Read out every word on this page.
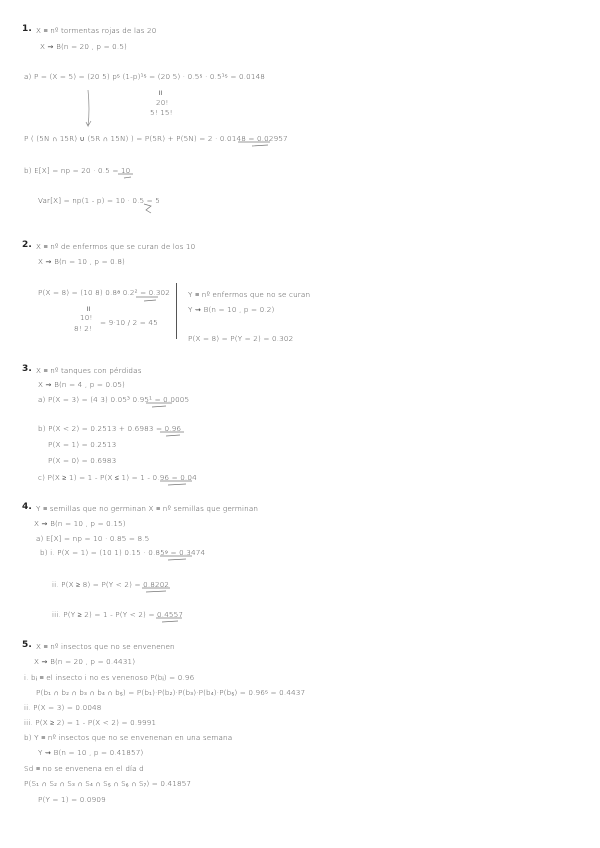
1. X ≡ nº tormentas rojas de las 20
X ⇝ B(n = 20 , p = 0.5)
a) P = (X = 5) = (20 5) p⁵ (1-p)¹⁵ = (20 5) · 0.5⁵ · 0.5¹⁵ = 0.0148
॥
20!
5! 15!
P ( (5N ∩ 15R) ∪ (5R ∩ 15N) ) = P(5R) + P(5N) = 2 · 0.0148 = 0.02957
b) E[X] = np = 20 · 0.5 = 10
Var[X] = np(1 - p) = 10 · 0.5 = 5
2. X ≡ nº de enfermos que se curan de los 10
X ⇝ B(n = 10 , p = 0.8)
P(X = 8) = (10 8) 0.8⁸ 0.2² = 0.302
॥
10!
8! 2!
= 9·10 / 2 = 45
Y ≡ nº enfermos que no se curan
Y ⇝ B(n = 10 , p = 0.2)
P(X = 8) = P(Y = 2) = 0.302
3. X ≡ nº tanques con pérdidas
X ⇝ B(n = 4 , p = 0.05)
a) P(X = 3) = (4 3) 0.05³ 0.95¹ = 0.0005
b) P(X < 2) = 0.2513 + 0.6983 = 0.96
P(X = 1) = 0.2513
P(X = 0) = 0.6983
c) P(X ≥ 1) = 1 - P(X ≤ 1) = 1 - 0.96 = 0.04
4. Y ≡ semillas que no germinan X ≡ nº semillas que germinan
X ⇝ B(n = 10 , p = 0.15)
a) E[X] = np = 10 · 0.85 = 8.5
b) i. P(X = 1) = (10 1) 0.15 · 0.85⁹ = 0.3474
ii. P(X ≥ 8) = P(Y < 2) = 0.8202
iii. P(Y ≥ 2) = 1 - P(Y < 2) = 0.4557
5. X ≡ nº insectos que no se envenenen
X ⇝ B(n = 20 , p = 0.4431)
i. bᵢ ≡ el insecto i no es venenoso P(bᵢ) = 0.96
P(b₁ ∩ b₂ ∩ b₃ ∩ b₄ ∩ b₅) = P(b₁)·P(b₂)·P(b₃)·P(b₄)·P(b₅) = 0.96⁵ = 0.4437
ii. P(X = 3) = 0.0048
iii. P(X ≥ 2) = 1 - P(X < 2) = 0.9991
b) Y ≡ nº insectos que no se envenenan en una semana
Y ⇝ B(n = 10 , p = 0.41857)
Sd ≡ no se envenena en el día d
P(S₁ ∩ S₂ ∩ S₃ ∩ S₄ ∩ S₅ ∩ S₆ ∩ S₇) = 0.41857
P(Y = 1) = 0.0909
